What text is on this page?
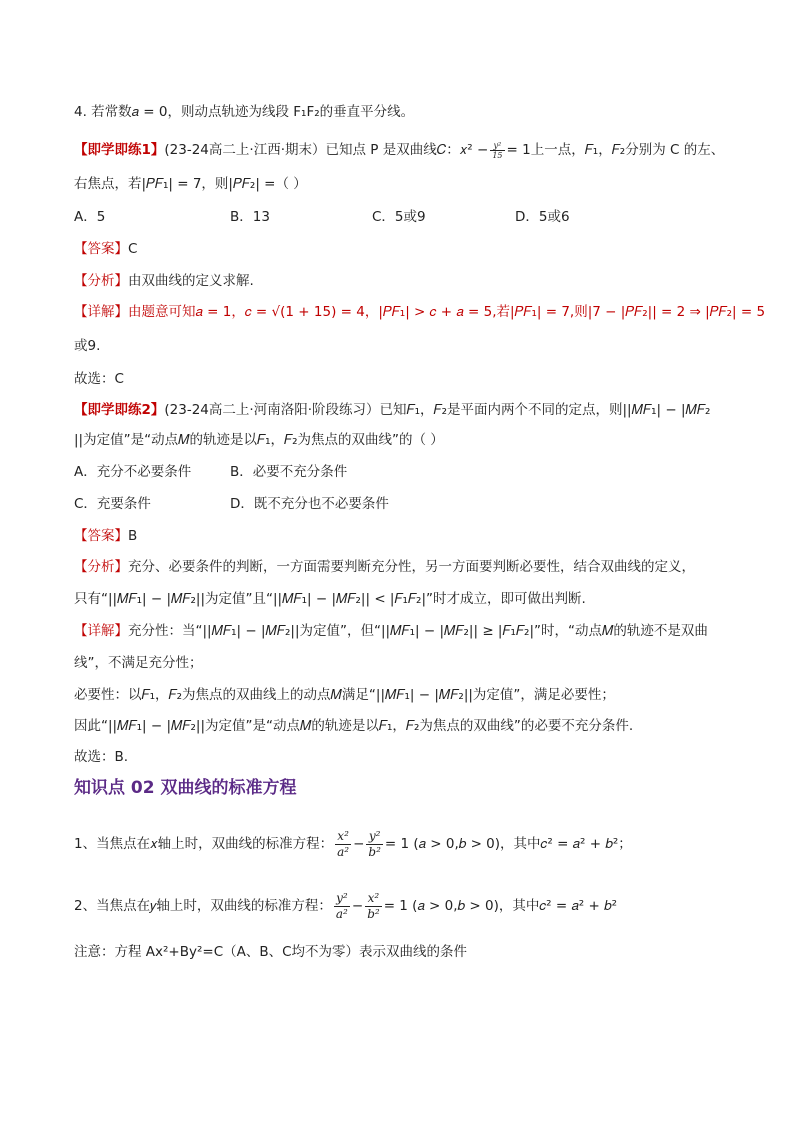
4. 若常数𝑎 = 0，则动点轨迹为线段 F₁F₂的垂直平分线。
【即学即练1】(23-24高二上·江西·期末）已知点 P 是双曲线𝐶：𝑥² − $\frac{\text{𝑦²}}{15} = 1$上一点，𝐹₁，𝐹₂分别为 C 的左、
右焦点，若|𝑃𝐹₁| = 7，则|𝑃𝐹₂| =（ ）
A．5	B．13	C．5或9	D．5或6
【答案】C
【分析】由双曲线的定义求解.
【详解】由题意可知𝑎 = 1，𝑐 = √(1 + 15) = 4，|𝑃𝐹₁| > 𝑐 + 𝑎 = 5,若|𝑃𝐹₁| = 7,则|7 − |𝑃𝐹₂|| = 2 ⇒ |𝑃𝐹₂| = 5
或9.
故选：C
【即学即练2】(23-24高二上·河南洛阳·阶段练习）已知𝐹₁，𝐹₂是平面内两个不同的定点，则||𝑀𝐹₁| − |𝑀𝐹₂
||为定值”是“动点𝑀的轨迹是以𝐹₁，𝐹₂为焦点的双曲线”的（ ）
A．充分不必要条件	B．必要不充分条件
C．充要条件	D．既不充分也不必要条件
【答案】B
【分析】充分、必要条件的判断，一方面需要判断充分性，另一方面要判断必要性，结合双曲线的定义，
只有“||𝑀𝐹₁| − |𝑀𝐹₂||为定值”且“||𝑀𝐹₁| − |𝑀𝐹₂|| < |𝐹₁𝐹₂|”时才成立，即可做出判断.
【详解】充分性：当“||𝑀𝐹₁| − |𝑀𝐹₂||为定值”，但“||𝑀𝐹₁| − |𝑀𝐹₂|| ≥ |𝐹₁𝐹₂|”时，“动点𝑀的轨迹不是双曲
线”，不满足充分性；
必要性：以𝐹₁，𝐹₂为焦点的双曲线上的动点𝑀满足“||𝑀𝐹₁| − |𝑀𝐹₂||为定值”，满足必要性；
因此“||𝑀𝐹₁| − |𝑀𝐹₂||为定值”是“动点𝑀的轨迹是以𝐹₁，𝐹₂为焦点的双曲线”的必要不充分条件.
故选：B.
知识点 02 双曲线的标准方程
1、当焦点在𝑥轴上时，双曲线的标准方程： $\frac{\text{x²}}{\text{a²}} - \frac{\text{y²}}{\text{b²}} = 1$ (𝑎 > 0,𝑏 > 0)，其中𝑐² = 𝑎² + 𝑏²；
2、当焦点在𝑦轴上时，双曲线的标准方程： $\frac{\text{y²}}{\text{a²}} - \frac{\text{x²}}{\text{b²}} = 1$ (𝑎 > 0,𝑏 > 0)，其中𝑐² = 𝑎² + 𝑏²
注意：方程 Ax²+By²=C（A、B、C均不为零）表示双曲线的条件
